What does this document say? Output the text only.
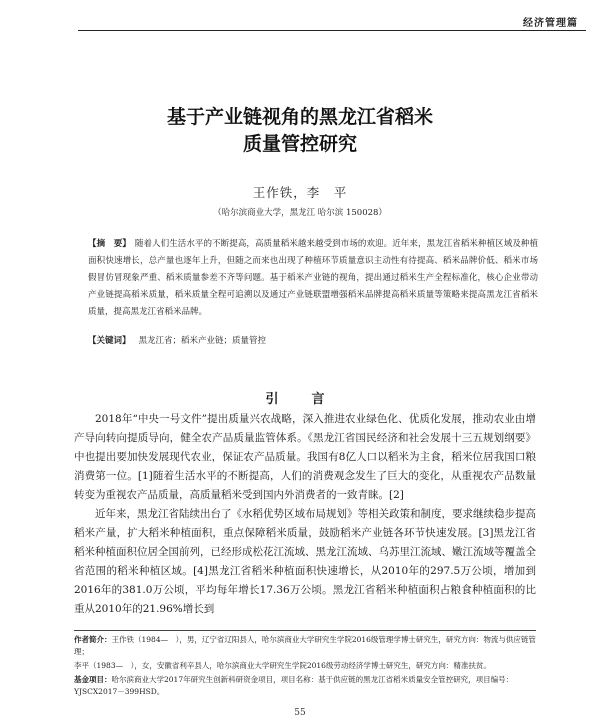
经济管理篇
基于产业链视角的黑龙江省稻米
质量管控研究
王作铁，李　平
（哈尔滨商业大学，黑龙江 哈尔滨 150028）
【摘　要】 随着人们生活水平的不断提高，高质量稻米越来越受到市场的欢迎。近年来，黑龙江省稻米种植区域及种植面积快速增长，总产量也逐年上升，但随之而来也出现了种植环节质量意识主动性有待提高、稻米品牌价低、稻米市场假冒仿冒现象严重、稻米质量参差不齐等问题。基于稻米产业链的视角，提出通过稻米生产全程标准化，核心企业带动产业链提高稻米质量，稻米质量全程可追溯以及通过产业链联盟增强稻米品牌提高稻米质量等策略来提高黑龙江省稻米质量，提高黑龙江省稻米品牌。
【关键词】 黑龙江省；稻米产业链；质量管控
引　言

2018年“中央一号文件”提出质量兴农战略，深入推进农业绿色化、优质化发展，推动农业由增产导向转向提质导向，健全农产品质量监管体系。《黑龙江省国民经济和社会发展十三五规划纲要》中也提出要加快发展现代农业，保证农产品质量。我国有8亿人口以稻米为主食，稻米位居我国口粮消费第一位。[1]随着生活水平的不断提高，人们的消费观念发生了巨大的变化，从重视农产品数量转变为重视农产品质量，高质量稻米受到国内外消费者的一致青睐。[2]

近年来，黑龙江省陆续出台了《水稻优势区域布局规划》等相关政策和制度，要求继续稳步提高稻米产量，扩大稻米种植面积，重点保障稻米质量，鼓励稻米产业链各环节快速发展。[3]黑龙江省稻米种植面积位居全国前列，已经形成松花江流域、黑龙江流域、乌苏里江流域、嫩江流域等覆盖全省范围的稻米种植区域。[4]黑龙江省稻米种植面积快速增长，从2010年的297.5万公顷，增加到2016年的381.0万公顷，平均每年增长17.36万公顷。黑龙江省稻米种植面积占粮食种植面积的比重从2010年的21.96%增长到

作者简介：王作铁（1984—　），男，辽宁省辽阳县人，哈尔滨商业大学研究生学院2016级管理学博士研究生，研究方向：物流与供应链管理；

李平（1983—　），女，安徽省利辛县人，哈尔滨商业大学研究生学院2016级劳动经济学博士研究生，研究方向：精准扶贫。

基金项目：哈尔滨商业大学2017年研究生创新科研资金项目，项目名称：基于供应链的黑龙江省稻米质量安全管控研究，项目编号：YJSCX2017－399HSD。

55
